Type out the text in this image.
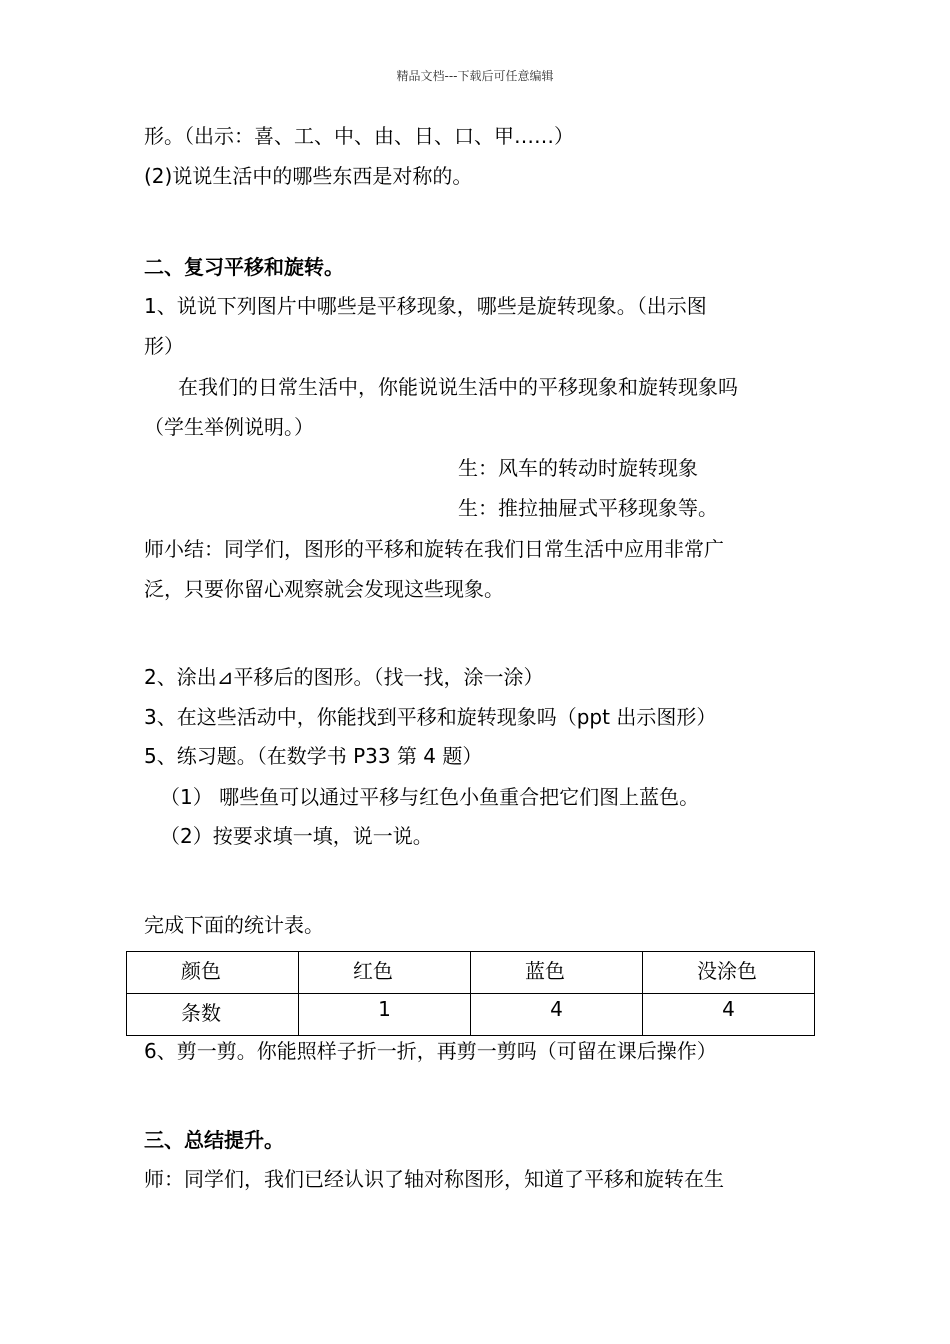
精品文档---下载后可任意编辑
形。（出示：喜、工、中、由、日、口、甲……）
(2)说说生活中的哪些东西是对称的。
二、复习平移和旋转。
1、说说下列图片中哪些是平移现象，哪些是旋转现象。（出示图
形）
在我们的日常生活中，你能说说生活中的平移现象和旋转现象吗
（学生举例说明。）
生：风车的转动时旋转现象
生：推拉抽屉式平移现象等。
师小结：同学们，图形的平移和旋转在我们日常生活中应用非常广
泛，只要你留心观察就会发现这些现象。
2、涂出⊿平移后的图形。（找一找，涂一涂）
3、在这些活动中，你能找到平移和旋转现象吗（ppt 出示图形）
5、练习题。（在数学书 P33 第 4 题）
（1） 哪些鱼可以通过平移与红色小鱼重合把它们图上蓝色。
（2）按要求填一填，说一说。
完成下面的统计表。
颜色	红色	蓝色	没涂色

条数	1	4	4
6、剪一剪。你能照样子折一折，再剪一剪吗（可留在课后操作）
三、总结提升。
师：同学们，我们已经认识了轴对称图形，知道了平移和旋转在生
